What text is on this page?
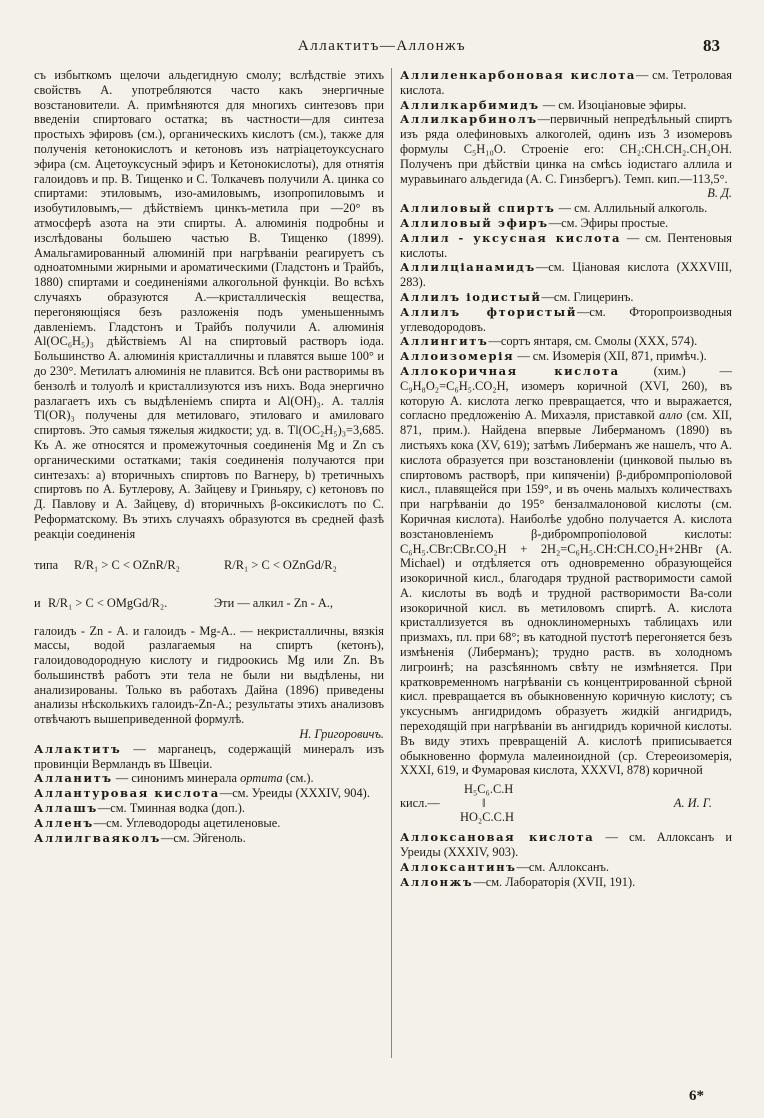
Аллактитъ—Аллонжъ	83

съ избыткомъ щелочи альдегидную смолу; вслѣдствіе этихъ свойствъ А. употребляются часто какъ энергичные возстановители. А. примѣняются для многихъ синтезовъ при введеніи спиртоваго остатка; въ частности—для синтеза простыхъ эфировъ (см.), органическихъ кислотъ (см.), также для полученія кетонокислотъ и кетоновъ изъ натріацетоуксуснаго эфира (см. Ацетоуксусный эфиръ и Кетонокислоты), для отнятія галоидовъ и пр. В. Тищенко и С. Толкачевъ получили А. цинка со спиртами: этиловымъ, изо-амиловымъ, изопропиловымъ и изобутиловымъ,— дѣйствіемъ цинкъ-метила при —20° въ атмосферѣ азота на эти спирты. А. алюминія подробны и изслѣдованы большею частью В. Тищенко (1899). Амальгамированный алюминій при нагрѣваніи реагируетъ съ одноатомными жирными и ароматическими (Гладстонъ и Трайбъ, 1880) спиртами и соединеніями алкогольной функціи. Во всѣхъ случаяхъ образуются А.—кристаллическія вещества, перегоняющіяся безъ разложенія подъ уменьшеннымъ давленіемъ. Гладстонъ и Трайбъ получили А. алюминія Al(OC₆H₅)₃ дѣйствіемъ Al на спиртовый растворъ іода. Большинство А. алюминія кристалличны и плавятся выше 100° и до 230°. Метилатъ алюминія не плавится. Всѣ они растворимы въ бензолѣ и толуолѣ и кристаллизуются изъ нихъ. Вода энергично разлагаетъ ихъ съ выдѣленіемъ спирта и Al(OH)₃. А. таллія Tl(OR)₃ получены для метиловаго, этиловаго и амиловаго спиртовъ. Это самыя тяжелыя жидкости; уд. в. Tl(OC₂H₅)₃=3,685. Къ А. же относятся и промежуточныя соединенія Mg и Zn съ органическими остатками; такія соединенія получаются при синтезахъ: a) вторичныхъ спиртовъ по Вагнеру, b) третичныхъ спиртовъ по А. Бутлерову, А. Зайцеву и Гриньяру, c) кетоновъ по Д. Павлову и А. Зайцеву, d) вторичныхъ β-оксикислотъ по С. Реформатскому. Въ этихъ случаяхъ образуются въ средней фазѣ реакціи соединенія

типа R/R₁ > C < OZnR/R₂	R/R₁ > C < OZnGd/R₂
и R/R₁ > C < OMgGd/R₂.	Эти — алкил - Zn - А.,

галоидъ - Zn - А. и галоидъ - Mg-А.. — некристалличны, вязкія массы, водой разлагаемыя на спиртъ (кетонъ), галоидоводородную кислоту и гидроокись Mg или Zn. Въ большинствѣ работъ эти тела не были ни выдѣлены, ни анализированы. Только въ работахъ Дайна (1896) приведены анализы нѣсколькихъ галоидъ-Zn-А.; результаты этихъ анализовъ отвѣчаютъ вышеприведенной формулѣ.

Н. Григоровичъ.

Аллактитъ — марганецъ, содержащій минералъ изъ провинціи Вермландъ въ Швеціи.

Алланитъ — синонимъ минерала ортита (см.).

Аллантуровая кислота—см. Уреиды (XXXIV, 904).

Аллашъ—см. Тминная водка (доп.).

Алленъ—см. Углеводороды ацетиленовые.

Аллилгваяколъ—см. Эйгеноль.

Аллиленкарбоновая кислота— см. Тетроловая кислота.

Аллилкарбимидъ — см. Изоціановые эфиры.

Аллилкарбинолъ—первичный непредѣльный спиртъ изъ ряда олефиновыхъ алкоголей, одинъ изъ 3 изомеровъ формулы C₅H₁₀O. Строеніе его: CH₂:CH.CH₂.CH₂OH. Полученъ при дѣйствіи цинка на смѣсь іодистаго аллила и муравьинаго альдегида (А. С. Гинзбергъ). Темп. кип.—113,5°.

В. Д.

Аллиловый спиртъ — см. Аллильный алкоголь.

Аллиловый эфиръ—см. Эфиры простые.

Аллил - уксусная кислота — см. Пентеновыя кислоты.

Аллилціанамидъ—см. Ціановая кислота (XXXVIII, 283).

Аллилъ іодистый—см. Глицеринъ.

Аллилъ фтористый—см. Фторопроизводныя углеводородовъ.

Аллингитъ—сортъ янтаря, см. Смолы (XXX, 574).

Аллоизомерія — см. Изомерія (XII, 871, примѣч.).

Аллокоричная кислота (хим.) — C₉H₈O₂=C₆H₅.CO₂H, изомеръ коричной (XVI, 260), въ которую А. кислота легко превращается, что и выражается, согласно предложенію А. Михаэля, приставкой алло (см. XII, 871, прим.). Найдена впервые Либерманомъ (1890) въ листьяхъ кока (XV, 619); затѣмъ Либерманъ же нашелъ, что А. кислота образуется при возстановленіи (цинковой пылью въ спиртовомъ растворѣ, при кипяченіи) β-дибромпропіоловой кисл., плавящейся при 159°, и въ очень малыхъ количествахъ при нагрѣваніи до 195° бензалмалоновой кислоты (см. Коричная кислота). Наиболѣе удобно получается А. кислота возстановленіемъ β-дибромпропіоловой кислоты: C₆H₅.CBr:CBr.CO₂H + 2H₂=C₆H₅.CH:CH.CO₂H+2HBr (A. Michael) и отдѣляется отъ одновременно образующейся изокоричной кисл., благодаря трудной растворимости самой А. кислоты въ водѣ и трудной растворимости Ba-соли изокоричной кисл. въ метиловомъ спиртѣ. А. кислота кристаллизуется въ одноклиномерныхъ таблицахъ или призмахъ, пл. при 68°; въ катодной пустотѣ перегоняется безъ измѣненія (Либерманъ); трудно раств. въ холодномъ лигроинѣ; на разсѣянномъ свѣту не измѣняется. При кратковременномъ нагрѣваніи съ концентрированной сѣрной кисл. превращается въ обыкновенную коричную кислоту; съ уксуснымъ ангидридомъ образуетъ жидкій ангидридъ, переходящій при нагрѣваніи въ ангидридъ коричной кислоты. Въ виду этихъ превращеній А. кислотѣ приписывается обыкновенно формула малеиноидной (ср. Стереоизомерія, XXXI, 619, и Фумаровая кислота, XXXVI, 878) коричной

H₅C₆.C.H
кисл.—	‖
HO₂C.C.H
А. И. Г.

Аллоксановая кислота — см. Аллоксанъ и Уреиды (XXXIV, 903).

Аллоксантинъ—см. Аллоксанъ.

Аллонжъ—см. Лабораторія (XVII, 191).

6*
